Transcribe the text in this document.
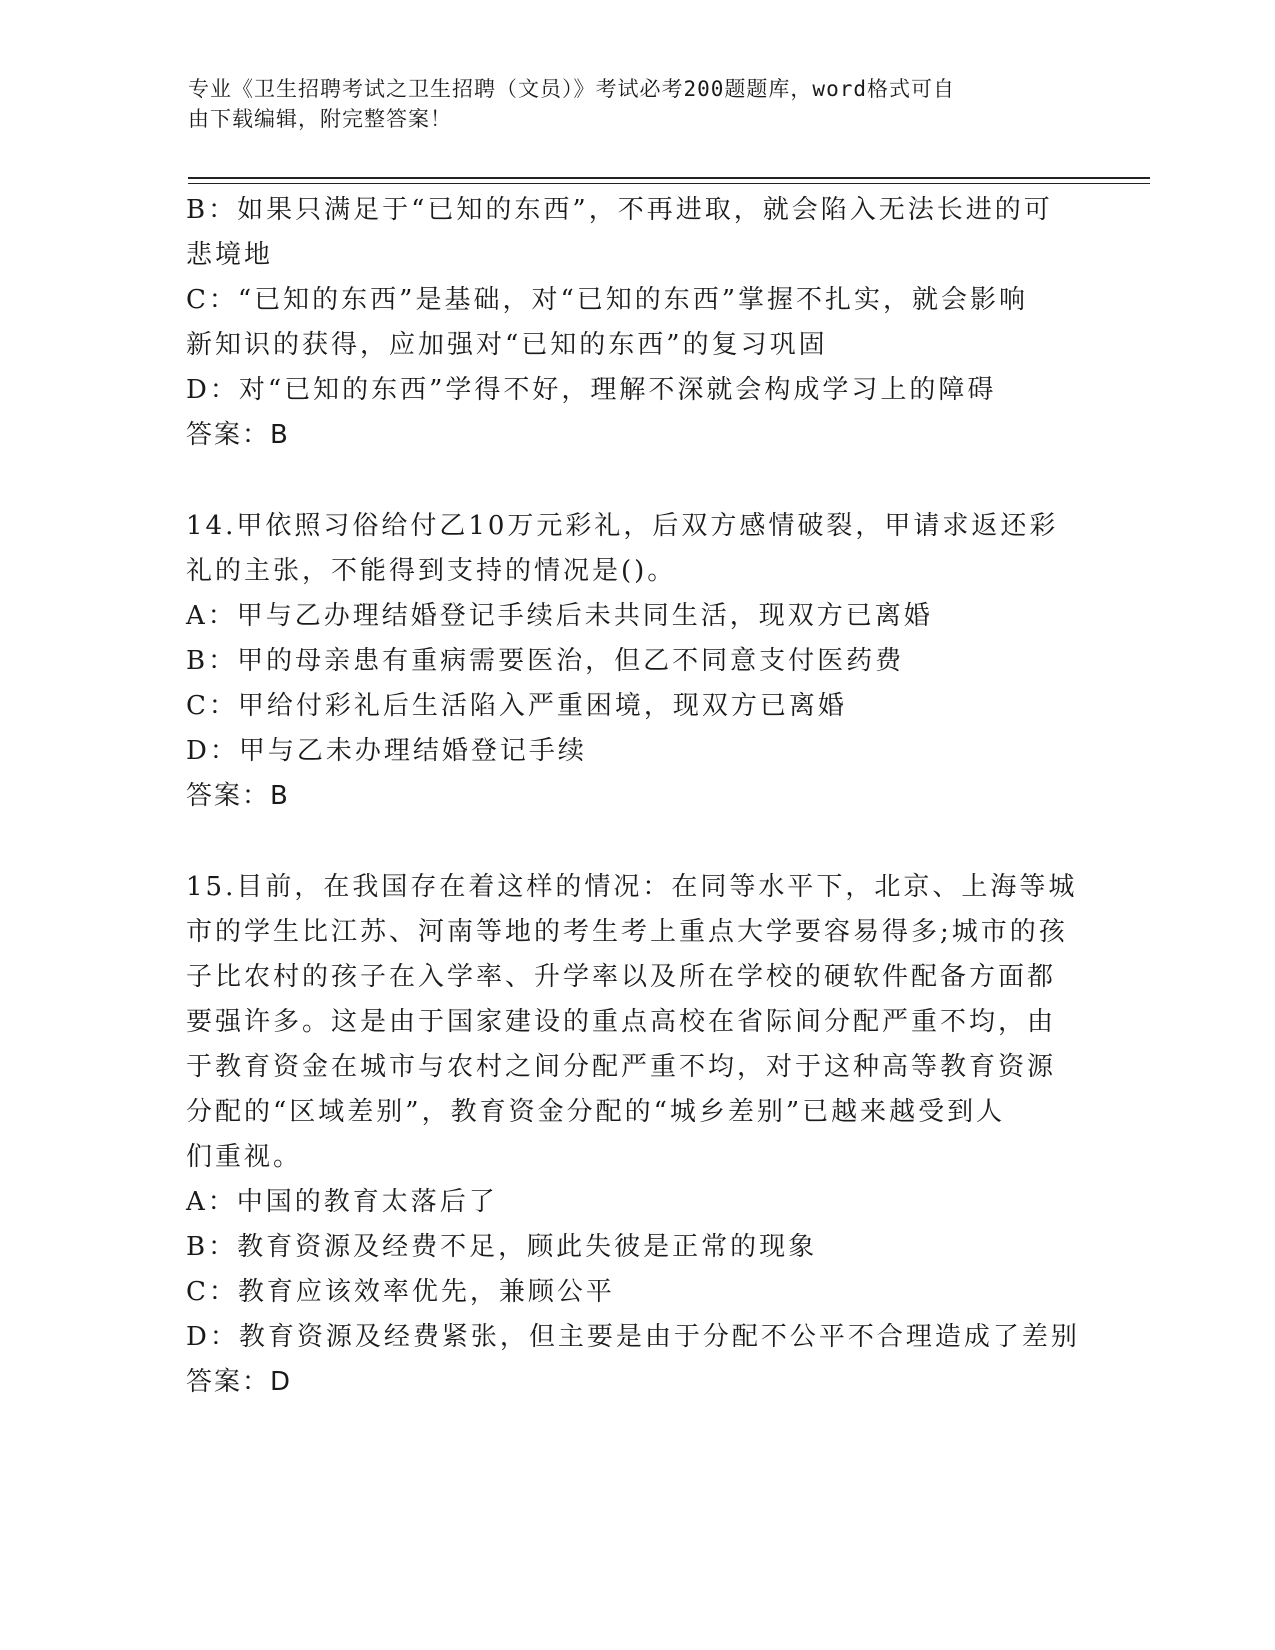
专业《卫生招聘考试之卫生招聘（文员）》考试必考200题题库，word格式可自
由下载编辑，附完整答案！
B：如果只满足于“已知的东西”，不再进取，就会陷入无法长进的可
悲境地
C：“已知的东西”是基础，对“已知的东西”掌握不扎实，就会影响
新知识的获得，应加强对“已知的东西”的复习巩固
D：对“已知的东西”学得不好，理解不深就会构成学习上的障碍
答案：B
14.甲依照习俗给付乙10万元彩礼，后双方感情破裂，甲请求返还彩
礼的主张，不能得到支持的情况是()。
A：甲与乙办理结婚登记手续后未共同生活，现双方已离婚
B：甲的母亲患有重病需要医治，但乙不同意支付医药费
C：甲给付彩礼后生活陷入严重困境，现双方已离婚
D：甲与乙未办理结婚登记手续
答案：B
15.目前，在我国存在着这样的情况：在同等水平下，北京、上海等城
市的学生比江苏、河南等地的考生考上重点大学要容易得多;城市的孩
子比农村的孩子在入学率、升学率以及所在学校的硬软件配备方面都
要强许多。这是由于国家建设的重点高校在省际间分配严重不均，由
于教育资金在城市与农村之间分配严重不均，对于这种高等教育资源
分配的“区域差别”，教育资金分配的“城乡差别”已越来越受到人
们重视。
A：中国的教育太落后了
B：教育资源及经费不足，顾此失彼是正常的现象
C：教育应该效率优先，兼顾公平
D：教育资源及经费紧张，但主要是由于分配不公平不合理造成了差别
答案：D
